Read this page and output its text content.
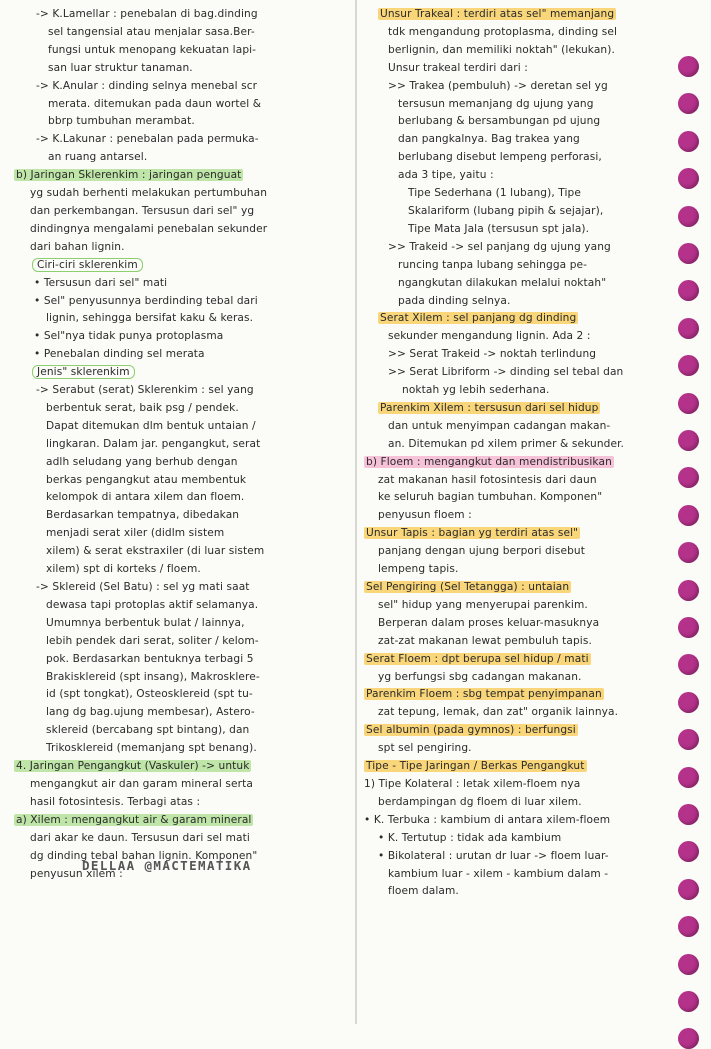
-> K.Lamellar : penebalan di bag.dinding
sel tangensial atau menjalar sasa.Ber-
fungsi untuk menopang kekuatan lapi-
san luar struktur tanaman.
-> K.Anular : dinding selnya menebal scr
merata. ditemukan pada daun wortel &
bbrp tumbuhan merambat.
-> K.Lakunar : penebalan pada permuka-
an ruang antarsel.
b) Jaringan Sklerenkim : jaringan penguat
yg sudah berhenti melakukan pertumbuhan
dan perkembangan. Tersusun dari sel" yg
dindingnya mengalami penebalan sekunder
dari bahan lignin.
Ciri-ciri sklerenkim
• Tersusun dari sel" mati
• Sel" penyusunnya berdinding tebal dari
lignin, sehingga bersifat kaku & keras.
• Sel"nya tidak punya protoplasma
• Penebalan dinding sel merata
Jenis" sklerenkim
-> Serabut (serat) Sklerenkim : sel yang
berbentuk serat, baik psg / pendek.
Dapat ditemukan dlm bentuk untaian /
lingkaran. Dalam jar. pengangkut, serat
adlh seludang yang berhub dengan
berkas pengangkut atau membentuk
kelompok di antara xilem dan floem.
Berdasarkan tempatnya, dibedakan
menjadi serat xiler (didlm sistem
xilem) & serat ekstraxiler (di luar sistem
xilem) spt di korteks / floem.
-> Sklereid (Sel Batu) : sel yg mati saat
dewasa tapi protoplas aktif selamanya.
Umumnya berbentuk bulat / lainnya,
lebih pendek dari serat, soliter / kelom-
pok. Berdasarkan bentuknya terbagi 5
Brakisklereid (spt insang), Makrosklere-
id (spt tongkat), Osteosklereid (spt tu-
lang dg bag.ujung membesar), Astero-
sklereid (bercabang spt bintang), dan
Trikosklereid (memanjang spt benang).
4. Jaringan Pengangkut (Vaskuler) -> untuk
mengangkut air dan garam mineral serta
hasil fotosintesis. Terbagi atas :
a) Xilem : mengangkut air & garam mineral
dari akar ke daun. Tersusun dari sel mati
dg dinding tebal bahan lignin. Komponen"
penyusun xilem :
Unsur Trakeal : terdiri atas sel" memanjang
tdk mengandung protoplasma, dinding sel
berlignin, dan memiliki noktah" (lekukan).
Unsur trakeal terdiri dari :
>> Trakea (pembuluh) -> deretan sel yg
tersusun memanjang dg ujung yang
berlubang & bersambungan pd ujung
dan pangkalnya. Bag trakea yang
berlubang disebut lempeng perforasi,
ada 3 tipe, yaitu :
Tipe Sederhana (1 lubang), Tipe
Skalariform (lubang pipih & sejajar),
Tipe Mata Jala (tersusun spt jala).
>> Trakeid -> sel panjang dg ujung yang
runcing tanpa lubang sehingga pe-
ngangkutan dilakukan melalui noktah"
pada dinding selnya.
Serat Xilem : sel panjang dg dinding
sekunder mengandung lignin. Ada 2 :
>> Serat Trakeid -> noktah terlindung
>> Serat Libriform -> dinding sel tebal dan
noktah yg lebih sederhana.
Parenkim Xilem : tersusun dari sel hidup
dan untuk menyimpan cadangan makan-
an. Ditemukan pd xilem primer & sekunder.
b) Floem : mengangkut dan mendistribusikan
zat makanan hasil fotosintesis dari daun
ke seluruh bagian tumbuhan. Komponen"
penyusun floem :
Unsur Tapis : bagian yg terdiri atas sel"
panjang dengan ujung berpori disebut
lempeng tapis.
Sel Pengiring (Sel Tetangga) : untaian
sel" hidup yang menyerupai parenkim.
Berperan dalam proses keluar-masuknya
zat-zat makanan lewat pembuluh tapis.
Serat Floem : dpt berupa sel hidup / mati
yg berfungsi sbg cadangan makanan.
Parenkim Floem : sbg tempat penyimpanan
zat tepung, lemak, dan zat" organik lainnya.
Sel albumin (pada gymnos) : berfungsi
spt sel pengiring.
Tipe - Tipe Jaringan / Berkas Pengangkut
1) Tipe Kolateral : letak xilem-floem nya
berdampingan dg floem di luar xilem.
• K. Terbuka : kambium di antara xilem-floem
• K. Tertutup : tidak ada kambium
• Bikolateral : urutan dr luar -> floem luar-
kambium luar - xilem - kambium dalam -
floem dalam.
DELLAA @MACTEMATIKA
